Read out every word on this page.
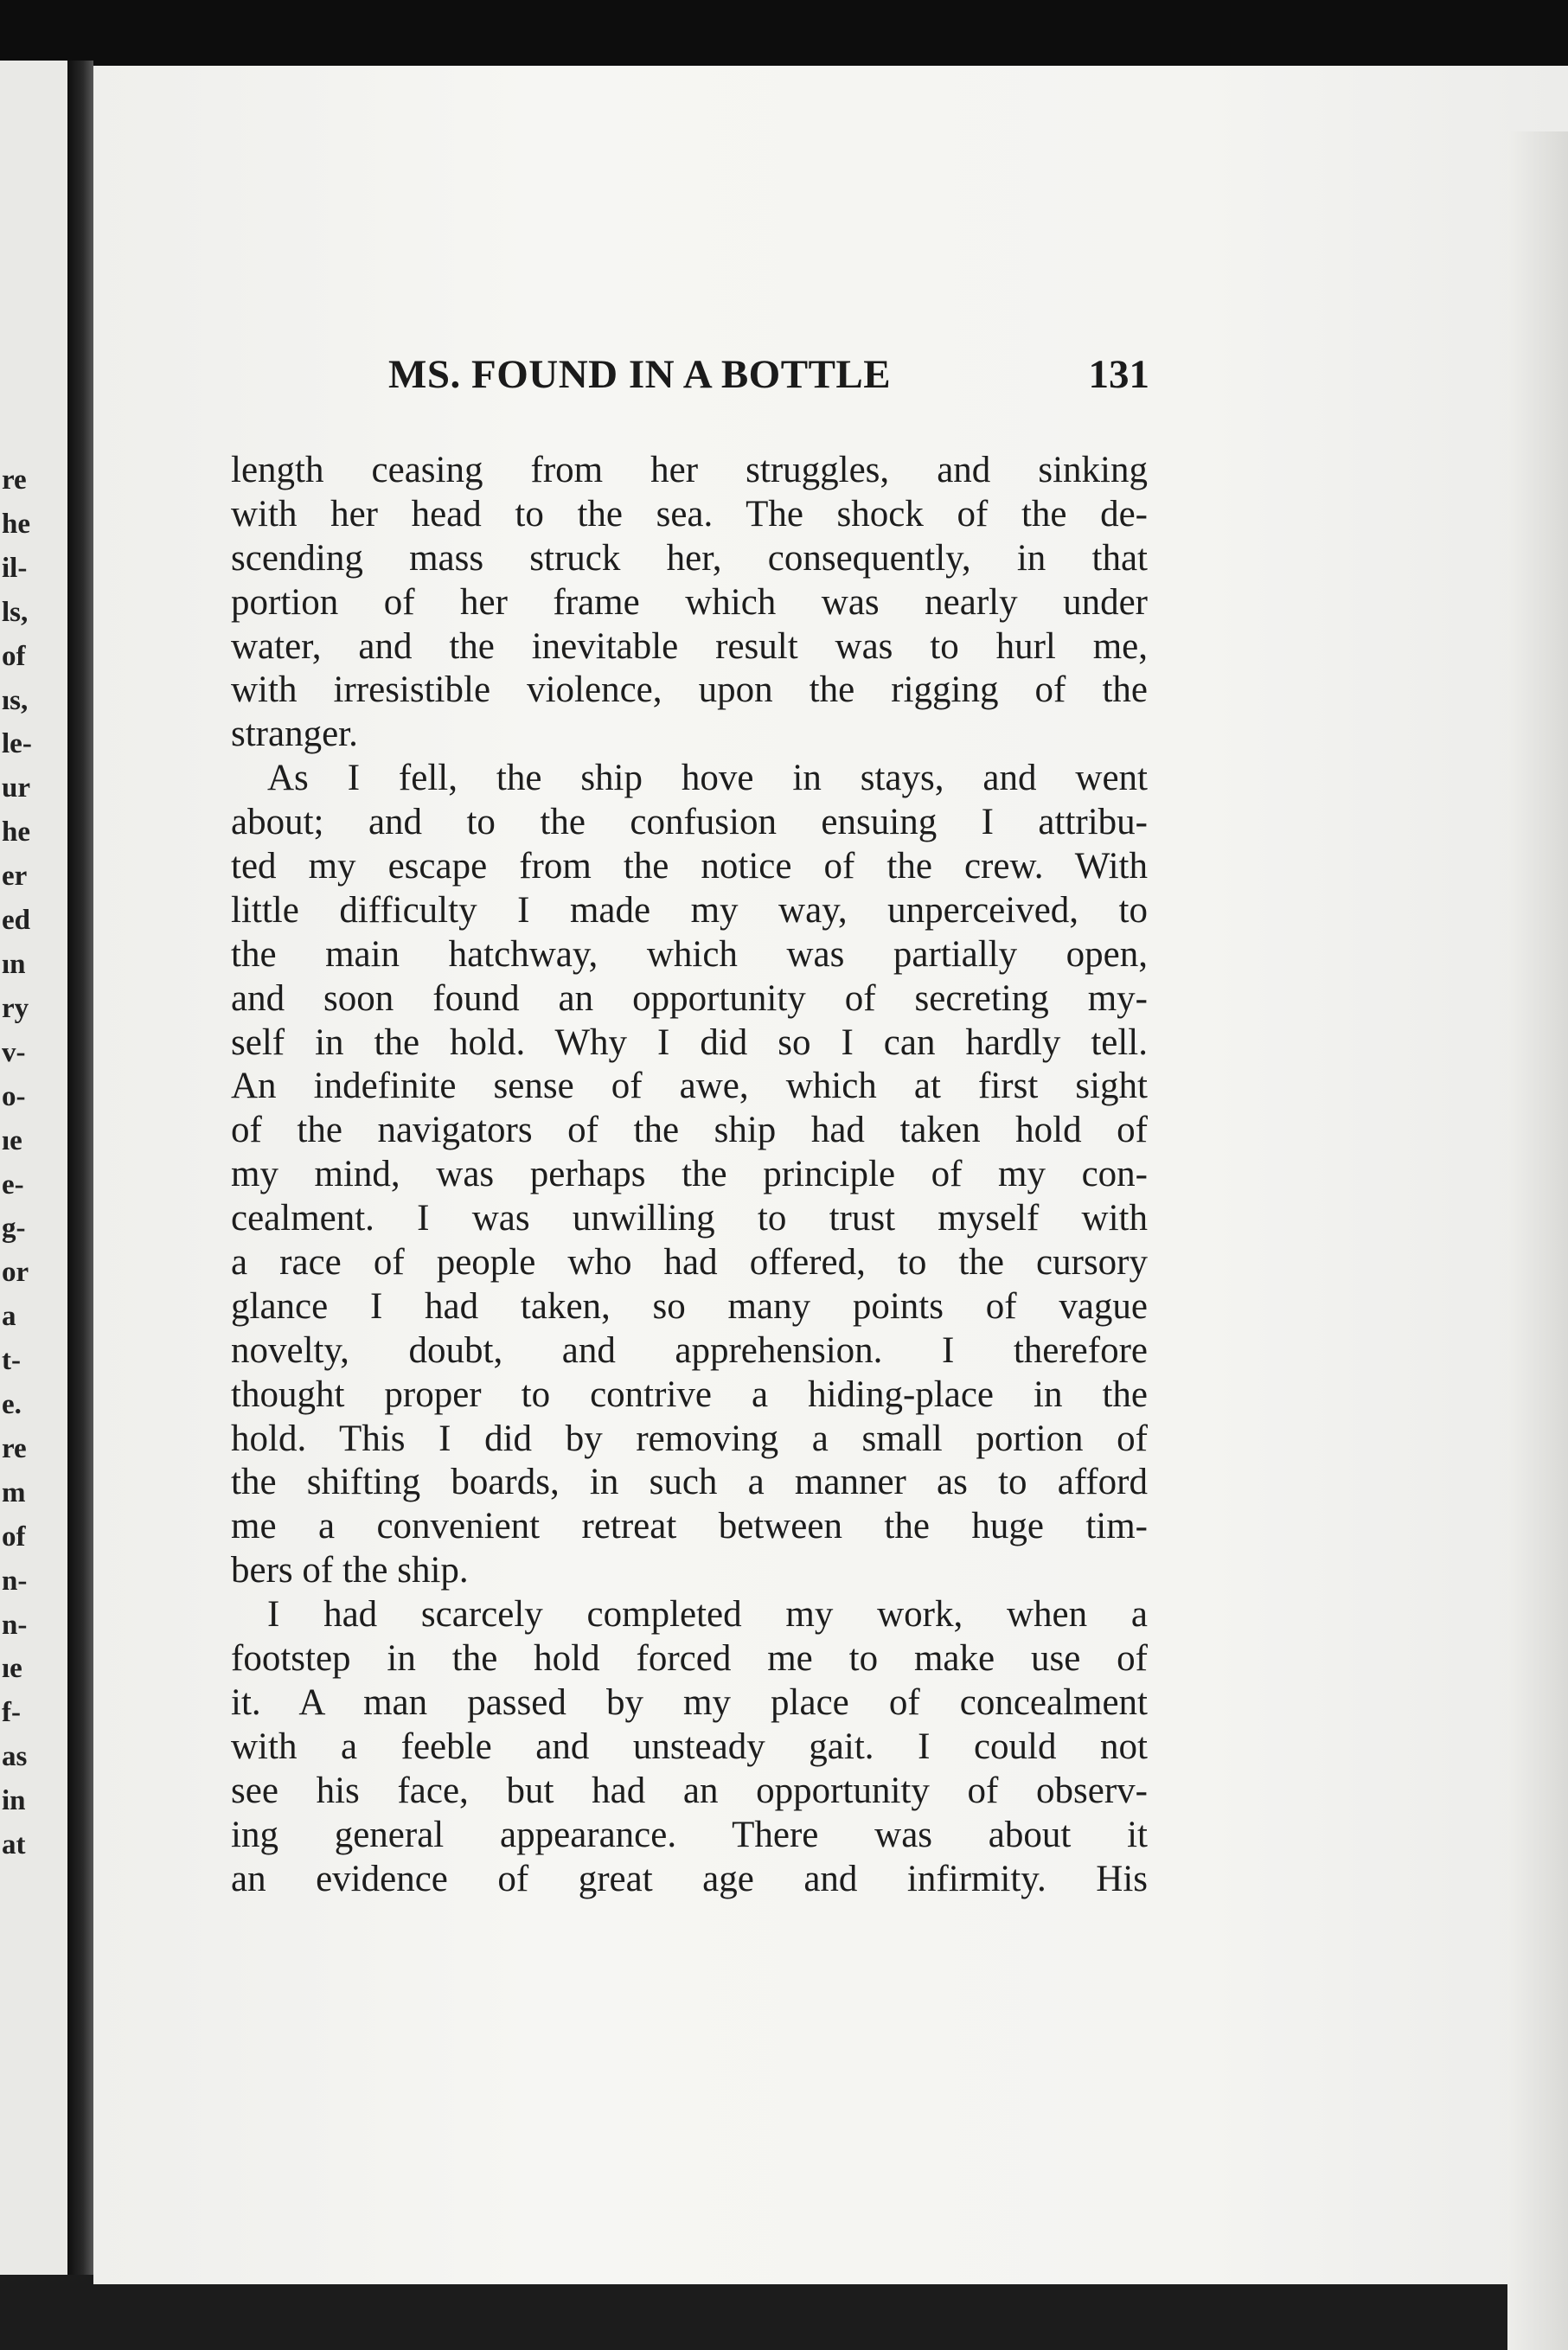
re
he
il-
ls,
of
ıs,
le-
ur
he
er
ed
ın
ry
v-
o-
ıe
e-
g-
or
a
t-
e.
re
m
of
n-
n-
ıe
f-
as
in
at
MS. FOUND IN A BOTTLE	131
length ceasing from her struggles, and sinking
with her head to the sea. The shock of the de-
scending mass struck her, consequently, in that
portion of her frame which was nearly under
water, and the inevitable result was to hurl me,
with irresistible violence, upon the rigging of the
stranger.
As I fell, the ship hove in stays, and went
about; and to the confusion ensuing I attribu-
ted my escape from the notice of the crew. With
little difficulty I made my way, unperceived, to
the main hatchway, which was partially open,
and soon found an opportunity of secreting my-
self in the hold. Why I did so I can hardly tell.
An indefinite sense of awe, which at first sight
of the navigators of the ship had taken hold of
my mind, was perhaps the principle of my con-
cealment. I was unwilling to trust myself with
a race of people who had offered, to the cursory
glance I had taken, so many points of vague
novelty, doubt, and apprehension. I therefore
thought proper to contrive a hiding-place in the
hold. This I did by removing a small portion of
the shifting boards, in such a manner as to afford
me a convenient retreat between the huge tim-
bers of the ship.
I had scarcely completed my work, when a
footstep in the hold forced me to make use of
it. A man passed by my place of concealment
with a feeble and unsteady gait. I could not
see his face, but had an opportunity of observ-
ing general appearance. There was about it
an evidence of great age and infirmity. His
